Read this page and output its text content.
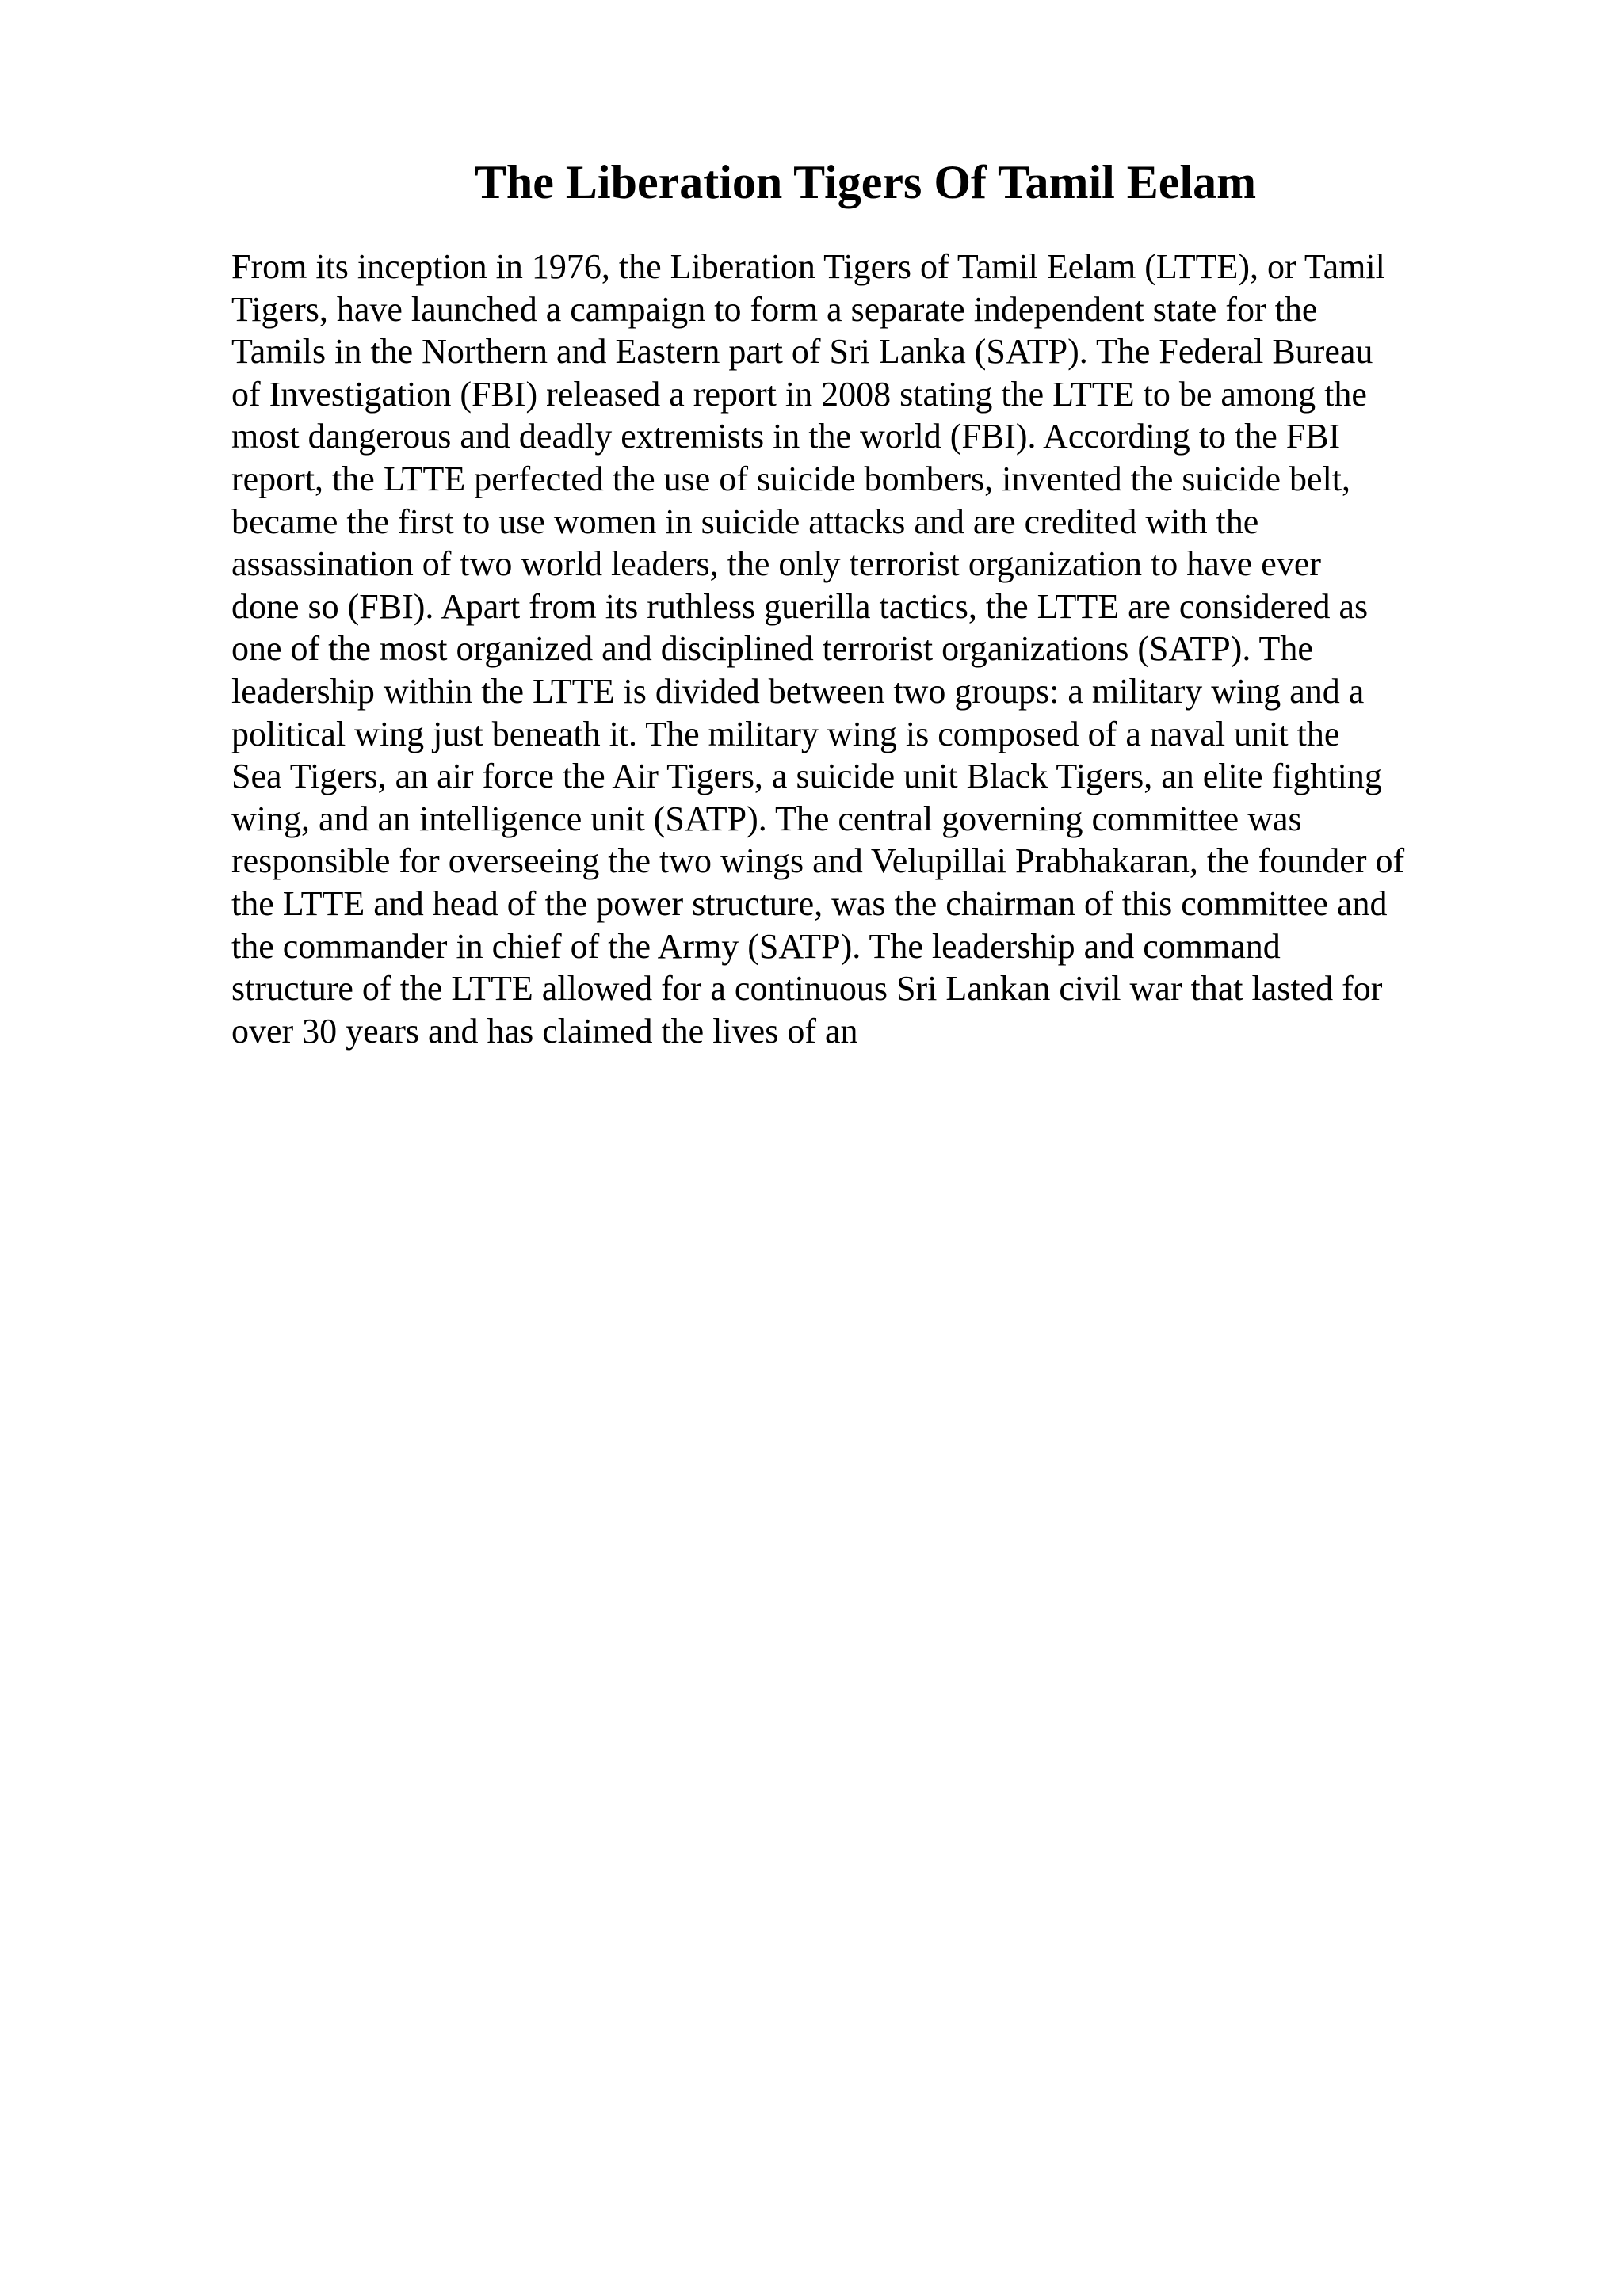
The Liberation Tigers Of Tamil Eelam

From its inception in 1976, the Liberation Tigers of Tamil Eelam (LTTE), or Tamil
Tigers, have launched a campaign to form a separate independent state for the
Tamils in the Northern and Eastern part of Sri Lanka (SATP). The Federal Bureau
of Investigation (FBI) released a report in 2008 stating the LTTE to be among the
most dangerous and deadly extremists in the world (FBI). According to the FBI
report, the LTTE perfected the use of suicide bombers, invented the suicide belt,
became the first to use women in suicide attacks and are credited with the
assassination of two world leaders, the only terrorist organization to have ever
done so (FBI). Apart from its ruthless guerilla tactics, the LTTE are considered as
one of the most organized and disciplined terrorist organizations (SATP). The
leadership within the LTTE is divided between two groups: a military wing and a
political wing just beneath it. The military wing is composed of a naval unit the
Sea Tigers, an air force the Air Tigers, a suicide unit Black Tigers, an elite fighting
wing, and an intelligence unit (SATP). The central governing committee was
responsible for overseeing the two wings and Velupillai Prabhakaran, the founder of
the LTTE and head of the power structure, was the chairman of this committee and
the commander in chief of the Army (SATP). The leadership and command
structure of the LTTE allowed for a continuous Sri Lankan civil war that lasted for
over 30 years and has claimed the lives of an
